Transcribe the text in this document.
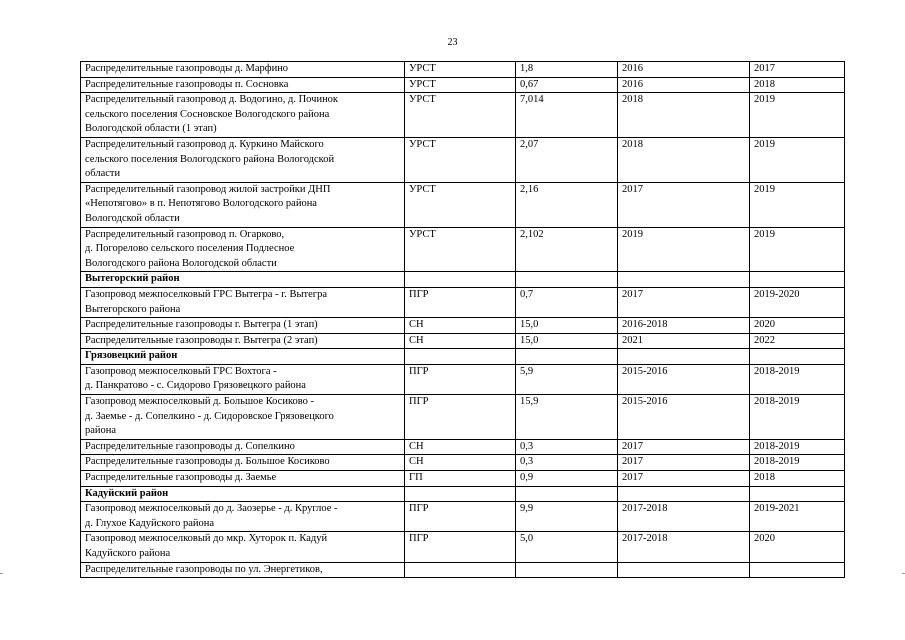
23
Распределительные газопроводы д. Марфино	УРСТ	1,8	2016	2017
Распределительные газопроводы п. Сосновка	УРСТ	0,67	2016	2018
Распределительный газопровод д. Водогино, д. Починок
сельского поселения Сосновское Вологодского района
Вологодской области (1 этап)	УРСТ	7,014	2018	2019
Распределительный газопровод д. Куркино Майского
сельского поселения Вологодского района Вологодской
области	УРСТ	2,07	2018	2019
Распределительный газопровод жилой застройки ДНП
«Непотягово» в п. Непотягово Вологодского района
Вологодской области	УРСТ	2,16	2017	2019
Распределительный газопровод п. Огарково,
д. Погорелово сельского поселения Подлесное
Вологодского района Вологодской области	УРСТ	2,102	2019	2019
Вытегорский район				
Газопровод межпоселковый ГРС Вытегра - г. Вытегра
Вытегорского района	ПГР	0,7	2017	2019-2020
Распределительные газопроводы г. Вытегра (1 этап)	СН	15,0	2016-2018	2020
Распределительные газопроводы г. Вытегра (2 этап)	СН	15,0	2021	2022
Грязовецкий район				
Газопровод межпоселковый ГРС Вохтога -
д. Панкратово - с. Сидорово Грязовецкого района	ПГР	5,9	2015-2016	2018-2019
Газопровод межпоселковый д. Большое Косиково -
д. Заемье - д. Сопелкино - д. Сидоровское Грязовецкого
района	ПГР	15,9	2015-2016	2018-2019
Распределительные газопроводы д. Сопелкино	СН	0,3	2017	2018-2019
Распределительные газопроводы д. Большое Косиково	СН	0,3	2017	2018-2019
Распределительные газопроводы д. Заемье	ГП	0,9	2017	2018
Кадуйский район				
Газопровод межпоселковый до д. Заозерье - д. Круглое -
д. Глухое Кадуйского района	ПГР	9,9	2017-2018	2019-2021
Газопровод межпоселковый до мкр. Хуторок п. Кадуй
Кадуйского района	ПГР	5,0	2017-2018	2020
Распределительные газопроводы по ул. Энергетиков,				
